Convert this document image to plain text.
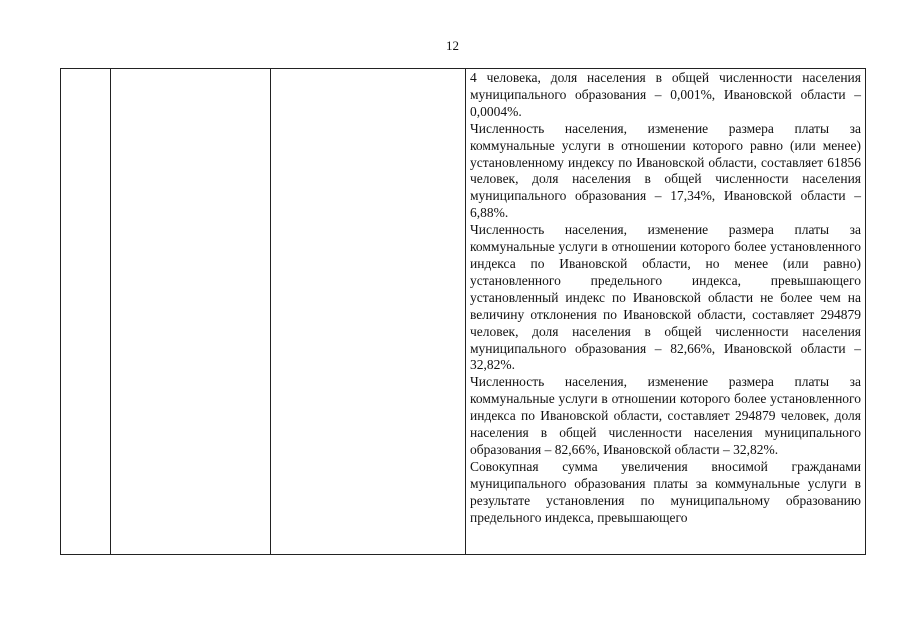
12

4 человека, доля населения в общей численности населения муниципального образования – 0,001%, Ивановской области – 0,0004%.

Численность населения, изменение размера платы за коммунальные услуги в отношении которого равно (или менее) установленному индексу по Ивановской области, составляет 61856 человек, доля населения в общей численности населения муниципального образования – 17,34%, Ивановской области – 6,88%.

Численность населения, изменение размера платы за коммунальные услуги в отношении которого более установленного индекса по Ивановской области, но менее (или равно) установленного предельного индекса, превышающего установленный индекс по Ивановской области не более чем на величину отклонения по Ивановской области, составляет 294879 человек, доля населения в общей численности населения муниципального образования – 82,66%, Ивановской области – 32,82%.

Численность населения, изменение размера платы за коммунальные услуги в отношении которого более установленного индекса по Ивановской области, составляет 294879 человек, доля населения в общей численности населения муниципального образования – 82,66%, Ивановской области – 32,82%.

Совокупная сумма увеличения вносимой гражданами муниципального образования платы за коммунальные услуги в результате установления по муниципальному образованию предельного индекса, превышающего
